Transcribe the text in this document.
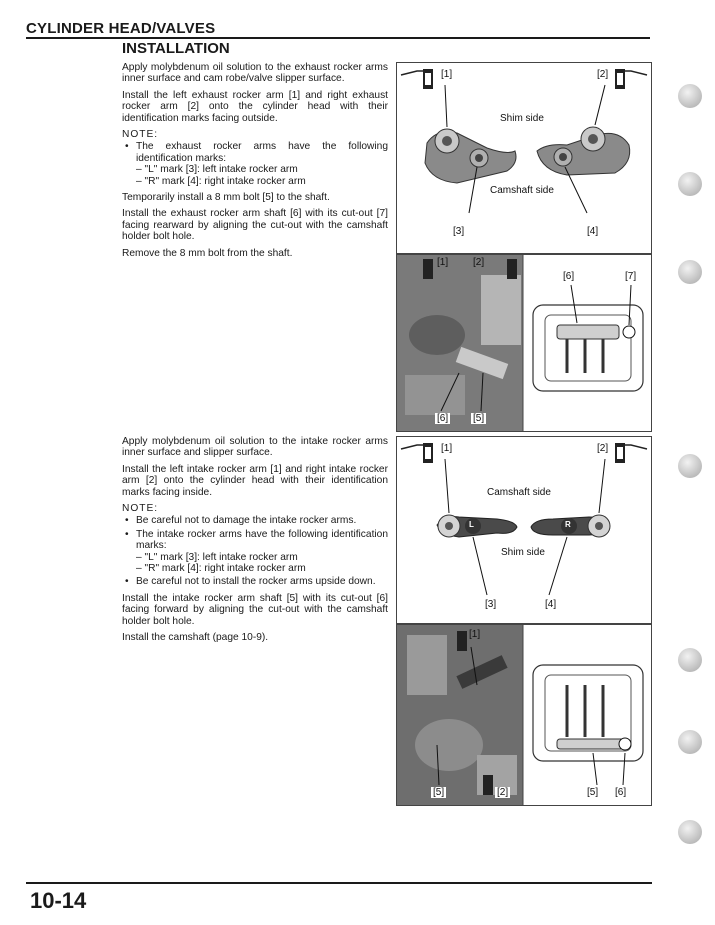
CYLINDER HEAD/VALVES
INSTALLATION

Apply molybdenum oil solution to the exhaust rocker arms inner surface and cam robe/valve slipper surface.

Install the left exhaust rocker arm [1] and right exhaust rocker arm [2] onto the cylinder head with their identification marks facing outside.

NOTE:
• The exhaust rocker arms have the following identification marks:
– "L" mark [3]: left intake rocker arm
– "R" mark [4]: right intake rocker arm

Temporarily install a 8 mm bolt [5] to the shaft.

Install the exhaust rocker arm shaft [6] with its cut-out [7] facing rearward by aligning the cut-out with the camshaft holder bolt hole.

Remove the 8 mm bolt from the shaft.

Apply molybdenum oil solution to the intake rocker arms inner surface and slipper surface.

Install the left intake rocker arm [1] and right intake rocker arm [2] onto the cylinder head with their identification marks facing inside.

NOTE:
• Be careful not to damage the intake rocker arms.
• The intake rocker arms have the following identification marks:
– "L" mark [3]: left intake rocker arm
– "R" mark [4]: right intake rocker arm
• Be careful not to install the rocker arms upside down.

Install the intake rocker arm shaft [5] with its cut-out [6] facing forward by aligning the cut-out with the camshaft holder bolt hole.

Install the camshaft (page 10-9).

[1]	[2]
Shim side
Camshaft side
[3]	[4]
[1] [2]
[6]	[7]
[6] [5]
[1]	[2]
Camshaft side
L	R
Shim side
[3]	[4]
[1]
[5]	[2]	[5] [6]
10-14
